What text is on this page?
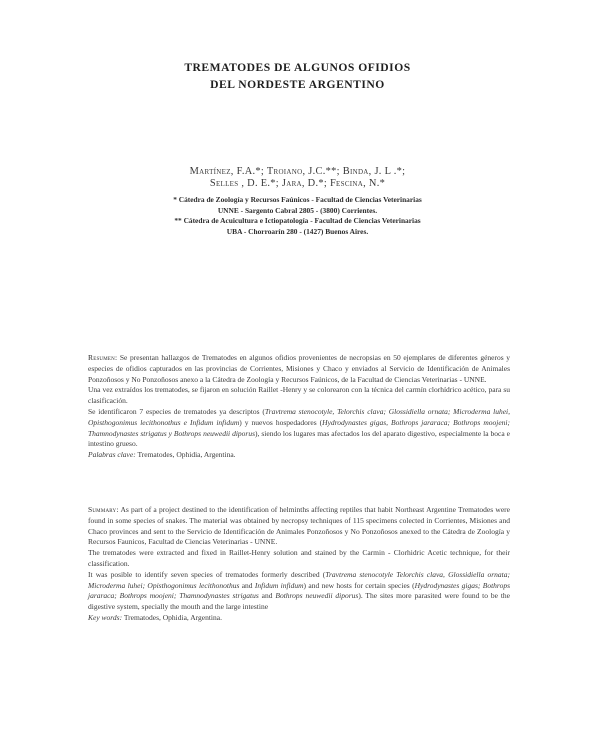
TREMATODES DE ALGUNOS OFIDIOS
DEL NORDESTE ARGENTINO
Martínez, F.A.*; Troiano, J.C.**; Binda, J. L .*;
Selles , D. E.*; Jara, D.*; Fescina, N.*
* Cátedra de Zoología y Recursos Faúnicos - Facultad de Ciencias Veterinarias
UNNE - Sargento Cabral 2805 - (3800) Corrientes.
** Cátedra de Acuicultura e Ictiopatología - Facultad de Ciencias Veterinarias
UBA - Chorroarín 280 - (1427) Buenos Aires.

Resumen: Se presentan hallazgos de Trematodes en algunos ofidios provenientes de necropsias en 50 ejemplares de diferentes géneros y especies de ofidios capturados en las provincias de Corrientes, Misiones y Chaco y enviados al Servicio de Identificación de Animales Ponzoñosos y No Ponzoñosos anexo a la Cátedra de Zoología y Recursos Faúnicos, de la Facultad de Ciencias Veterinarias - UNNE.

Una vez extraídos los trematodes, se fijaron en solución Raillet -Henry y se colorearon con la técnica del carmín clorhídrico acético, para su clasificación.

Se identificaron 7 especies de trematodes ya descriptos (Travtrema stenocotyle, Telorchis clava; Glossidiella ornata; Microderma luhei, Opisthogonimus lecithonothus e Infidum infidum) y nuevos hospedadores (Hydrodynastes gigas, Bothrops jararaca; Bothrops moojeni; Thamnodynastes strigatus y Bothrops neuwedii diporus), siendo los lugares mas afectados los del aparato digestivo, especialmente la boca e intestino grueso.

Palabras clave: Trematodes, Ophidia, Argentina.

Summary: As part of a project destined to the identification of helminths affecting reptiles that habit Northeast Argentine Trematodes were found in some species of snakes. The material was obtained by necropsy techniques of 115 specimens colected in Corrientes, Misiones and Chaco provinces and sent to the Servicio de Identificación de Animales Ponzoñosos y No Ponzoñosos anexed to the Cátedra de Zoología y Recursos Faunicos, Facultad de Ciencias Veterinarias - UNNE.

The trematodes were extracted and fixed in Raillet-Henry solution and stained by the Carmin - Clorhidric Acetic technique, for their classification.

It was posible to identify seven species of trematodes formerly described (Travtrema stenocotyle Telorchis clava, Glossidiella ornata; Microderma luhei; Opisthogonimus lecithonothus and Infidum infidum) and new hosts for certain species (Hydrodynastes gigas; Bothrops jararaca; Bothrops moojeni; Thamnodynastes strigatus and Bothrops neuwedii diporus). The sites more parasited were found to be the digestive system, specially the mouth and the large intestine

Key words: Trematodes, Ophidia, Argentina.
